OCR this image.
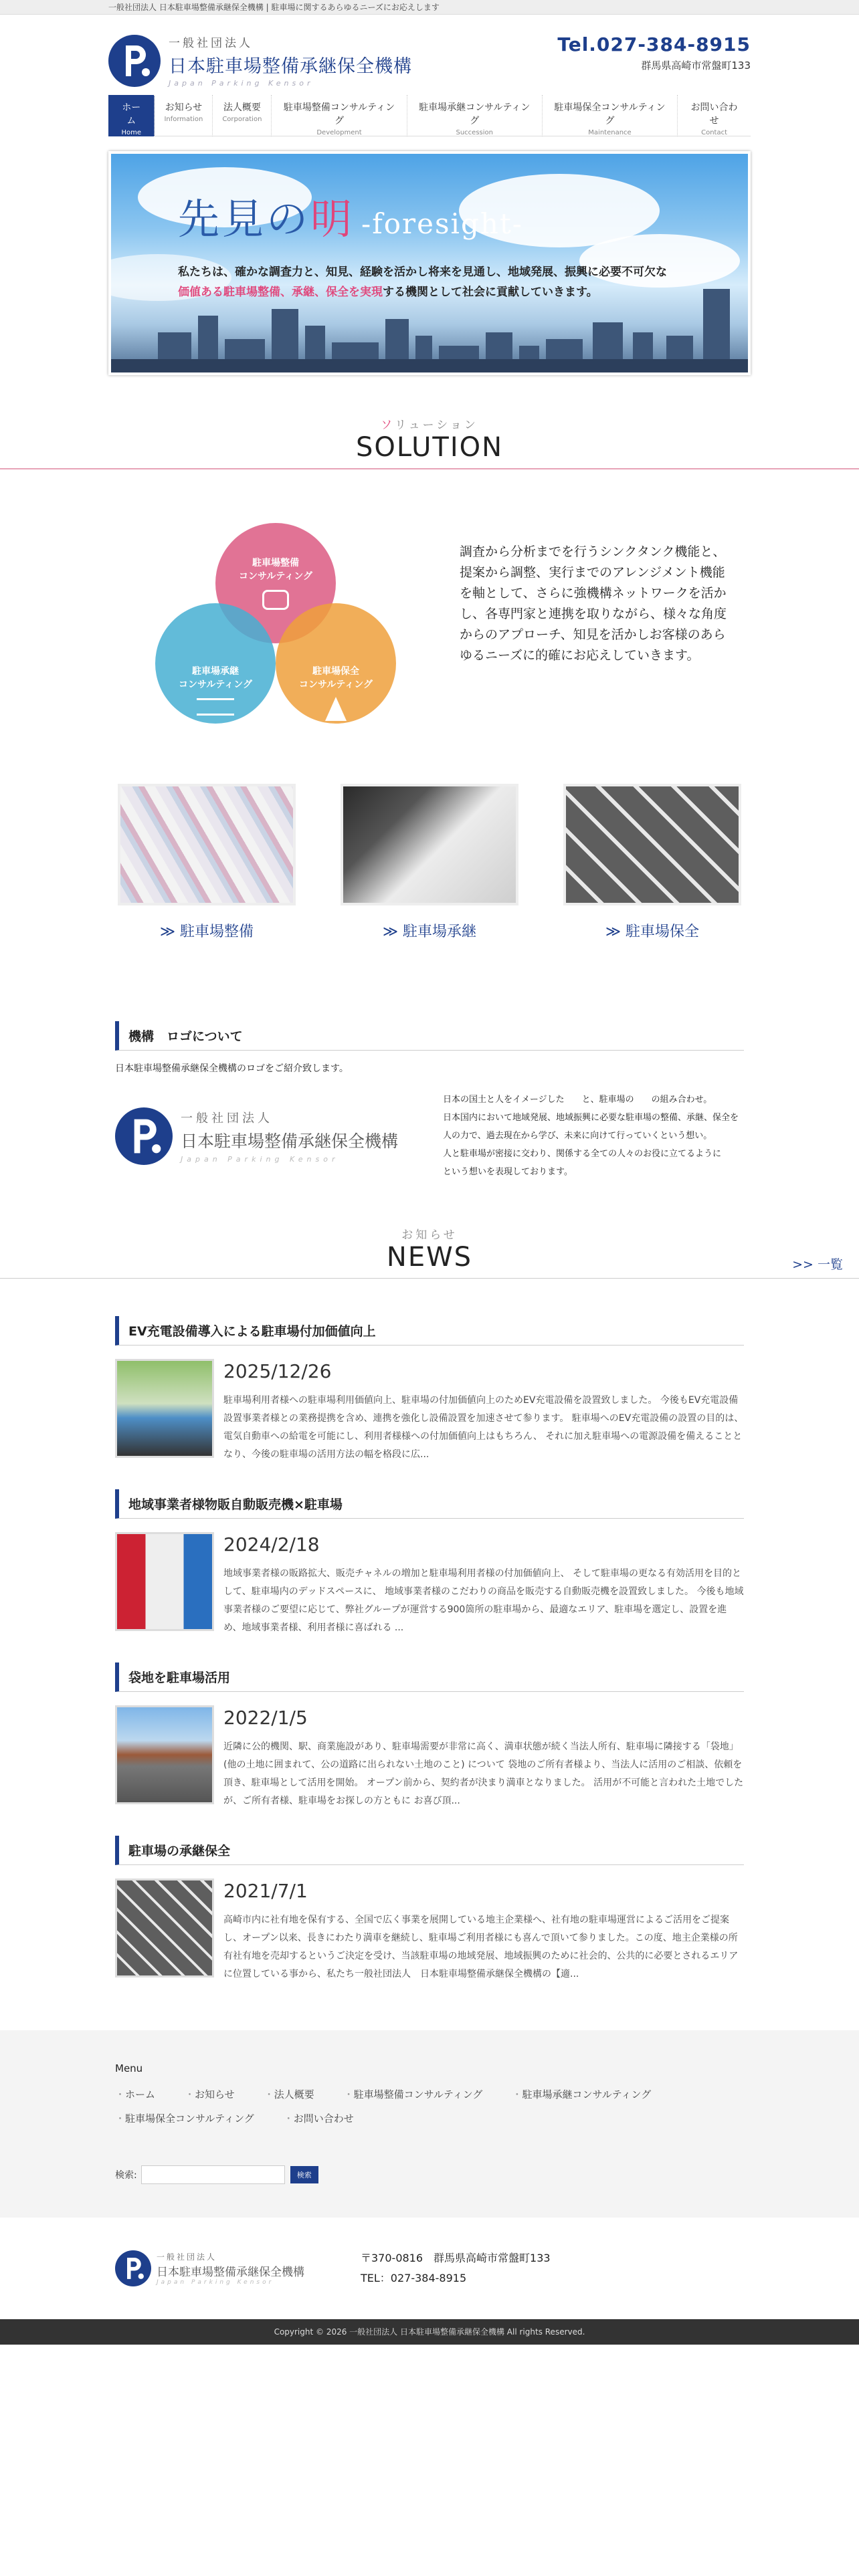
一般社団法人 日本駐車場整備承継保全機構 | 駐車場に関するあらゆるニーズにお応えします
一般社団法人
日本駐車場整備承継保全機構
Japan Parking Kensor
Tel.027-384-8915
群馬県高崎市常盤町133
ホーム
Home
お知らせ
Information
法人概要
Corporation
駐車場整備コンサルティング
Development
駐車場承継コンサルティング
Succession
駐車場保全コンサルティング
Maintenance
お問い合わせ
Contact
先見の明 -foresight-
私たちは、確かな調査力と、知見、経験を活かし将来を見通し、地域発展、振興に必要不可欠な
価値ある駐車場整備、承継、保全を実現する機関として社会に貢献していきます。
ソリューション
SOLUTION

駐車場整備
コンサルティング

駐車場承継
コンサルティング

駐車場保全
コンサルティング

調査から分析までを行うシンクタンク機能と、提案から調整、実行までのアレンジメント機能を軸として、さらに強機構ネットワークを活かし、各専門家と連携を取りながら、様々な角度からのアプローチ、知見を活かしお客様のあらゆるニーズに的確にお応えしていきます。
≫ 駐車場整備	≫ 駐車場承継	≫ 駐車場保全
機構　ロゴについて
日本駐車場整備承継保全機構のロゴをご紹介致します。
一般社団法人
日本駐車場整備承継保全機構
Japan Parking Kensor
日本の国土と人をイメージした　　と、駐車場の　　の組み合わせ。
日本国内において地域発展、地域振興に必要な駐車場の整備、承継、保全を
人の力で、過去現在から学び、未来に向けて行っていくという想い。
人と駐車場が密接に交わり、関係する全ての人々のお役に立てるように
という想いを表現しております。
お知らせ
NEWS	>> 一覧
EV充電設備導入による駐車場付加価値向上
2025/12/26
駐車場利用者様への駐車場利用価値向上、駐車場の付加価値向上のためEV充電設備を設置致しました。 今後もEV充電設備設置事業者様との業務提携を含め、連携を強化し設備設置を加速させて参ります。 駐車場へのEV充電設備の設置の目的は、電気自動車への給電を可能にし、利用者様様への付加価値向上はもちろん、 それに加え駐車場への電源設備を備えることとなり、今後の駐車場の活用方法の幅を格段に広...
地域事業者様物販自動販売機×駐車場
2024/2/18
地域事業者様の販路拡大、販売チャネルの増加と駐車場利用者様の付加価値向上、 そして駐車場の更なる有効活用を目的として、駐車場内のデッドスペースに、 地域事業者様のこだわりの商品を販売する自動販売機を設置致しました。 今後も地域事業者様のご要望に応じて、弊社グループが運営する900箇所の駐車場から、最適なエリア、駐車場を選定し、設置を進め、地域事業者様、利用者様に喜ばれる ...
袋地を駐車場活用
2022/1/5
近隣に公的機関、駅、商業施設があり、駐車場需要が非常に高く、満車状態が続く当法人所有、駐車場に隣接する「袋地」(他の土地に囲まれて、公の道路に出られない土地のこと) について 袋地のご所有者様より、当法人に活用のご相談、依頼を頂き、駐車場として活用を開始。 オープン前から、契約者が決まり満車となりました。 活用が不可能と言われた土地でしたが、ご所有者様、駐車場をお探しの方ともに お喜び頂...
駐車場の承継保全
2021/7/1
高崎市内に社有地を保有する、全国で広く事業を展開している地主企業様へ、社有地の駐車場運営によるご活用をご提案し、オープン以来、長きにわたり満車を継続し、駐車場ご利用者様にも喜んで頂いて参りました。この度、地主企業様の所有社有地を売却するというご決定を受け、当該駐車場の地域発展、地域振興のために社会的、公共的に必要とされるエリアに位置している事から、私たち一般社団法人　日本駐車場整備承継保全機構の【適...
Menu
・ ホーム	・ お知らせ	・ 法人概要	・ 駐車場整備コンサルティング	・ 駐車場承継コンサルティング
・ 駐車場保全コンサルティング	・ お問い合わせ
検索:	検索
一般社団法人
日本駐車場整備承継保全機構
Japan Parking Kensor
〒370-0816　群馬県高崎市常盤町133
TEL：027-384-8915
Copyright © 2026 一般社団法人 日本駐車場整備承継保全機構 All rights Reserved.
